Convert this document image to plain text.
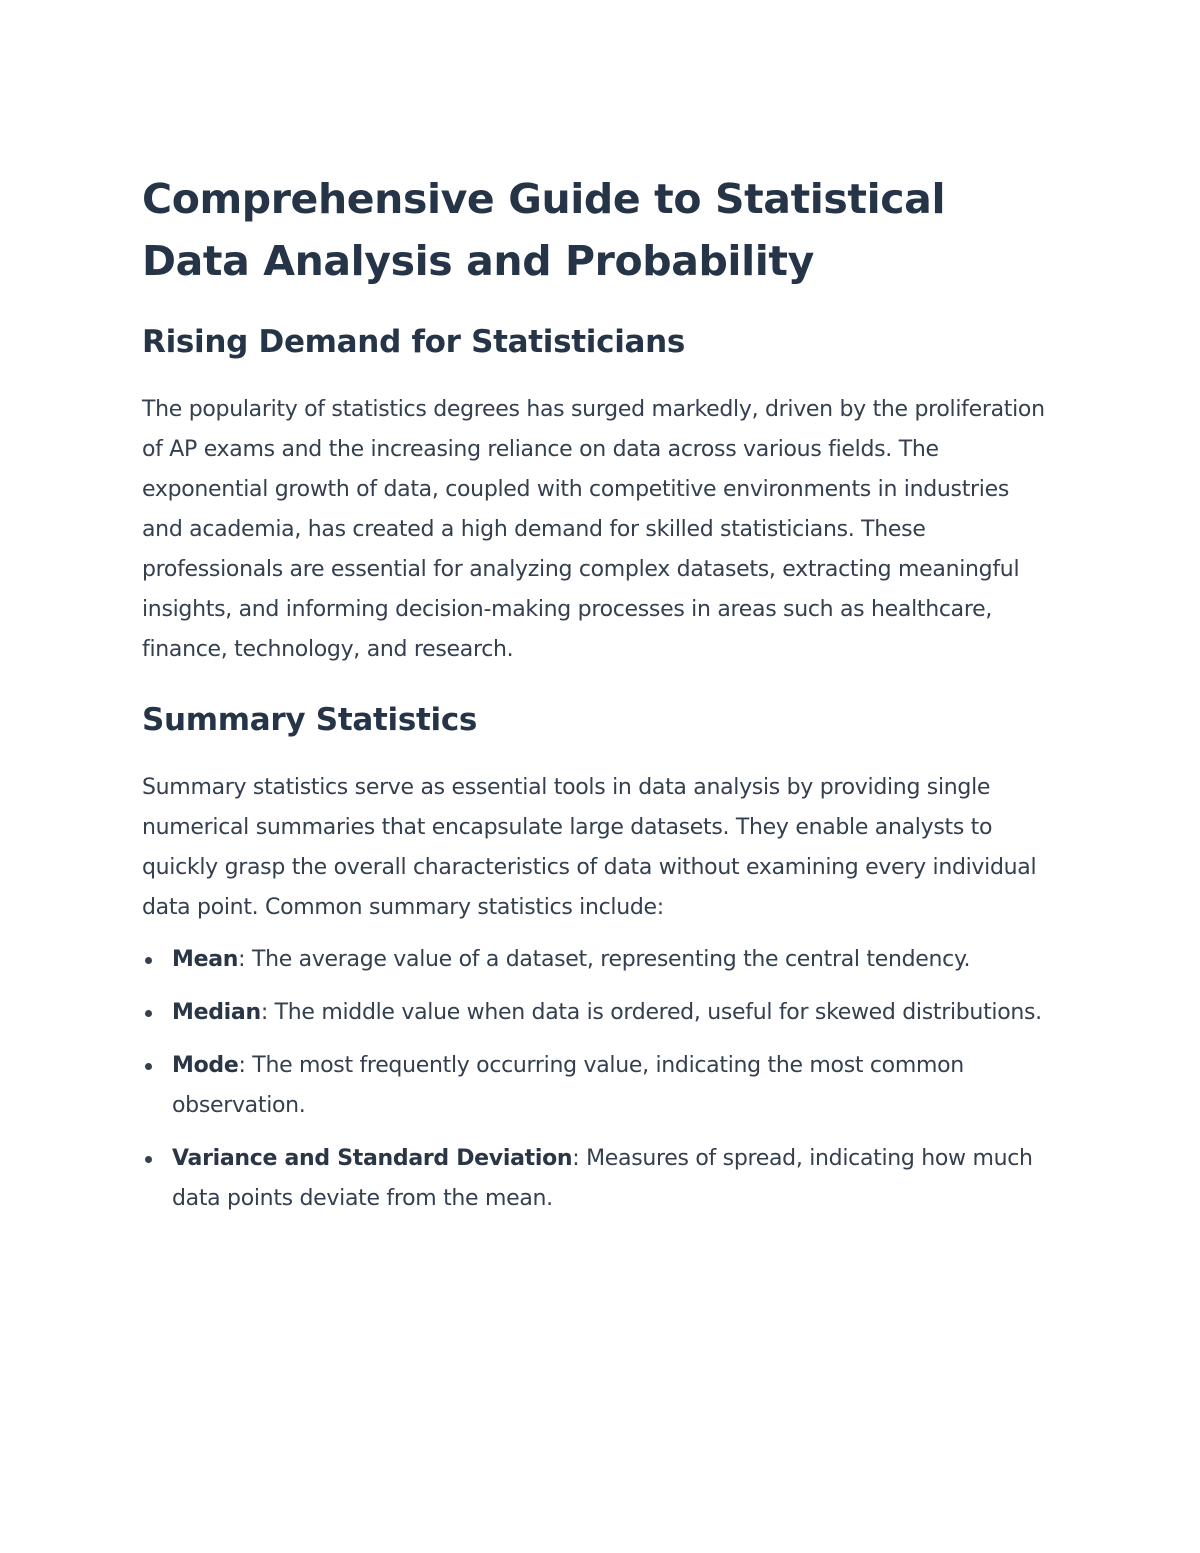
Comprehensive Guide to Statistical Data Analysis and Probability
Rising Demand for Statisticians

The popularity of statistics degrees has surged markedly, driven by the proliferation of AP exams and the increasing reliance on data across various fields. The exponential growth of data, coupled with competitive environments in industries and academia, has created a high demand for skilled statisticians. These professionals are essential for analyzing complex datasets, extracting meaningful insights, and informing decision-making processes in areas such as healthcare, finance, technology, and research.

Summary Statistics

Summary statistics serve as essential tools in data analysis by providing single numerical summaries that encapsulate large datasets. They enable analysts to quickly grasp the overall characteristics of data without examining every individual data point. Common summary statistics include:

Mean: The average value of a dataset, representing the central tendency.
Median: The middle value when data is ordered, useful for skewed distributions.
Mode: The most frequently occurring value, indicating the most common observation.
Variance and Standard Deviation: Measures of spread, indicating how much data points deviate from the mean.
